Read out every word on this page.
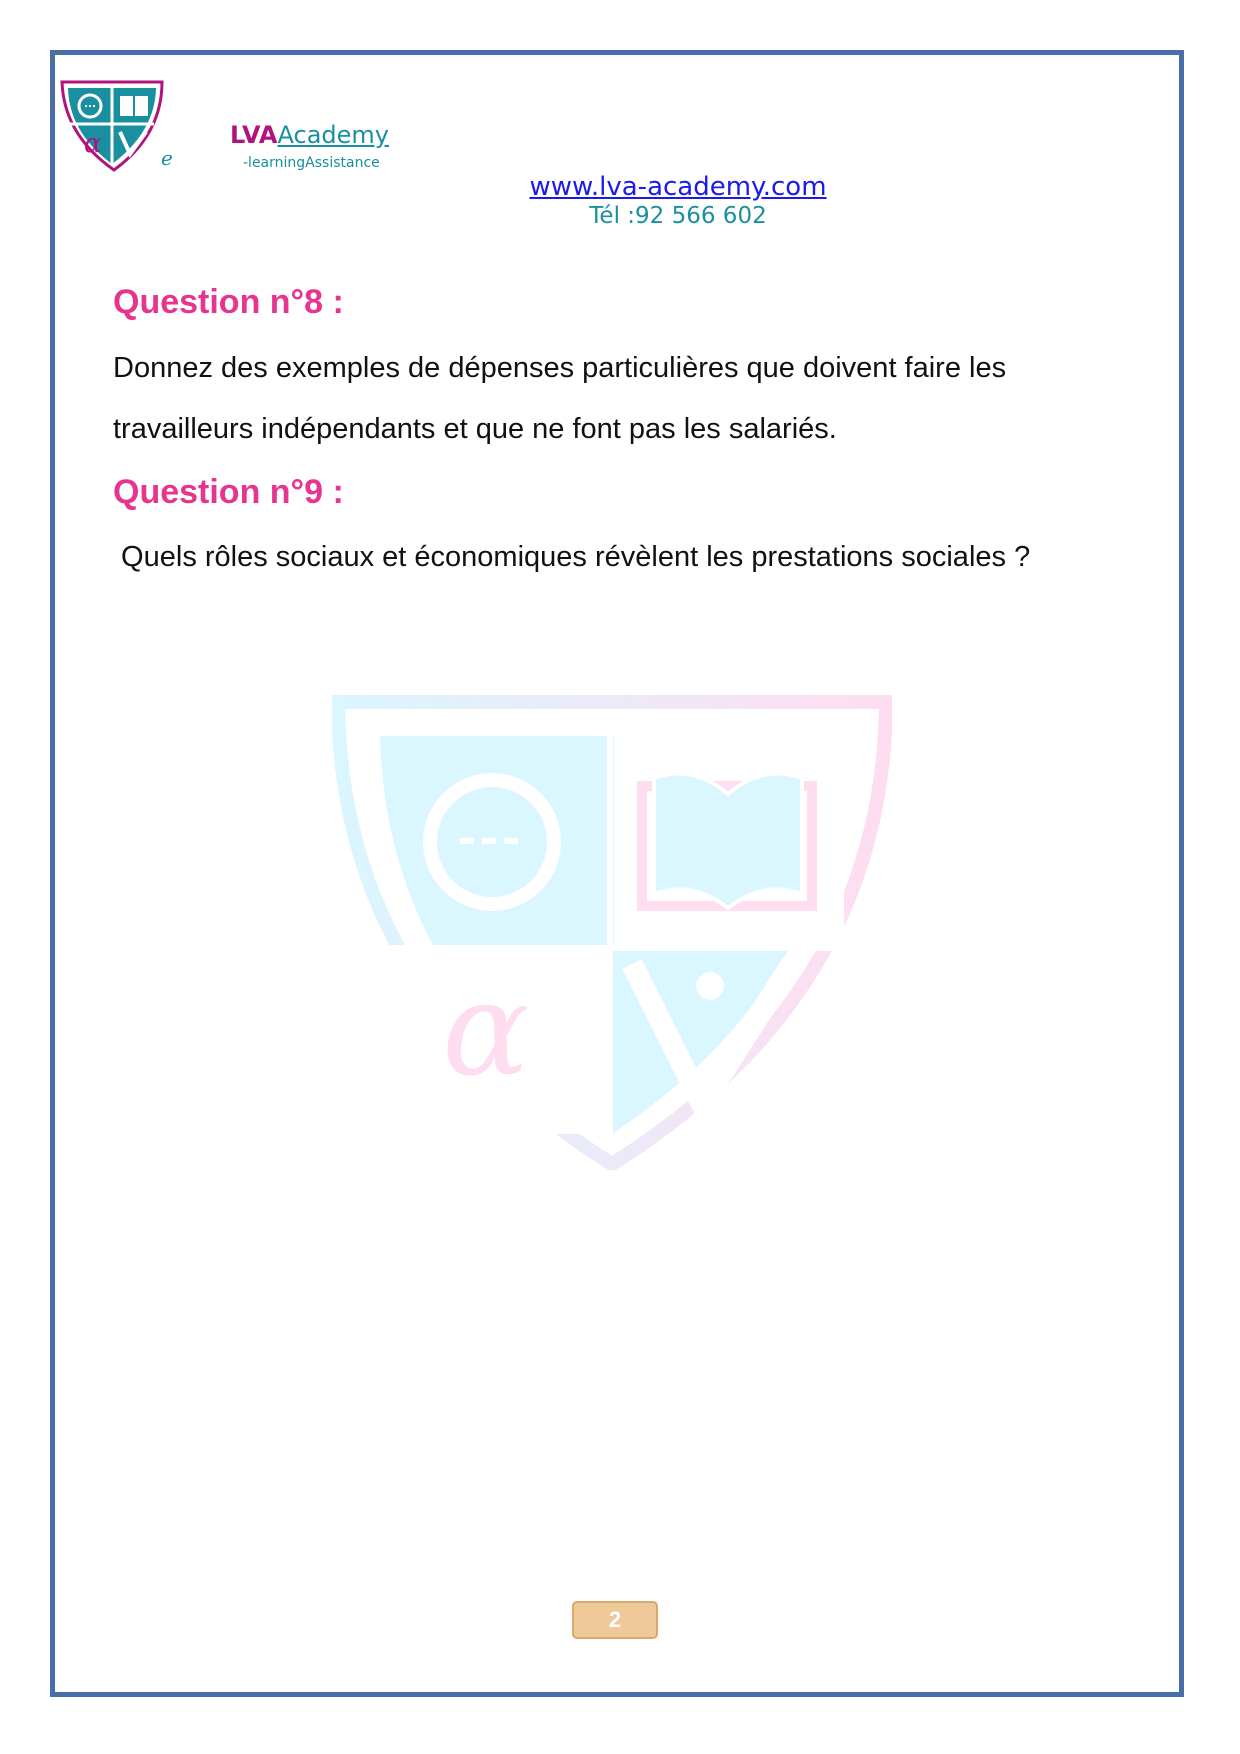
α	e
LVAAcademy
-learningAssistance
www.lva-academy.com
Tél :92 566 602
Question n°8 :
Donnez des exemples de dépenses particulières que doivent faire les
travailleurs indépendants et que ne font pas les salariés.
Question n°9 :
Quels rôles sociaux et économiques révèlent les prestations sociales ?
α
2
